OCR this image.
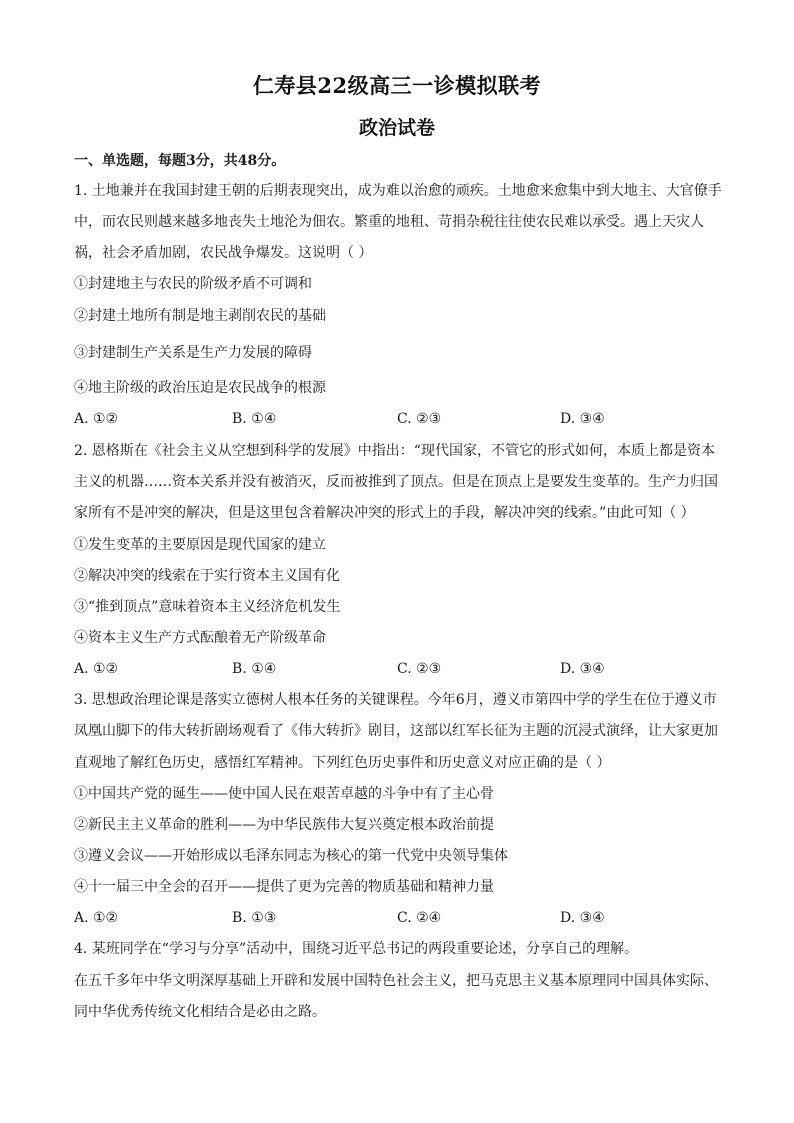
仁寿县22级高三一诊模拟联考
政治试卷
一、单选题，每题3分，共48分。
1. 土地兼并在我国封建王朝的后期表现突出，成为难以治愈的顽疾。土地愈来愈集中到大地主、大官僚手
中，而农民则越来越多地丧失土地沦为佃农。繁重的地租、苛捐杂税往往使农民难以承受。遇上天灾人
祸，社会矛盾加剧，农民战争爆发。这说明（ ）
①封建地主与农民的阶级矛盾不可调和
②封建土地所有制是地主剥削农民的基础
③封建制生产关系是生产力发展的障碍
④地主阶级的政治压迫是农民战争的根源
A. ①②	B. ①④	C. ②③	D. ③④
2. 恩格斯在《社会主义从空想到科学的发展》中指出：“现代国家，不管它的形式如何，本质上都是资本
主义的机器……资本关系并没有被消灭，反而被推到了顶点。但是在顶点上是要发生变革的。生产力归国
家所有不是冲突的解决，但是这里包含着解决冲突的形式上的手段，解决冲突的线索。”由此可知（ ）
①发生变革的主要原因是现代国家的建立
②解决冲突的线索在于实行资本主义国有化
③“推到顶点”意味着资本主义经济危机发生
④资本主义生产方式酝酿着无产阶级革命
A. ①②	B. ①④	C. ②③	D. ③④
3. 思想政治理论课是落实立德树人根本任务的关键课程。今年6月，遵义市第四中学的学生在位于遵义市
凤凰山脚下的伟大转折剧场观看了《伟大转折》剧目，这部以红军长征为主题的沉浸式演绎，让大家更加
直观地了解红色历史，感悟红军精神。下列红色历史事件和历史意义对应正确的是（ ）
①中国共产党的诞生——使中国人民在艰苦卓越的斗争中有了主心骨
②新民主主义革命的胜利——为中华民族伟大复兴奠定根本政治前提
③遵义会议——开始形成以毛泽东同志为核心的第一代党中央领导集体
④十一届三中全会的召开——提供了更为完善的物质基础和精神力量
A. ①②	B. ①③	C. ②④	D. ③④
4. 某班同学在“学习与分享”活动中，围绕习近平总书记的两段重要论述，分享自己的理解。
在五千多年中华文明深厚基础上开辟和发展中国特色社会主义，把马克思主义基本原理同中国具体实际、
同中华优秀传统文化相结合是必由之路。
